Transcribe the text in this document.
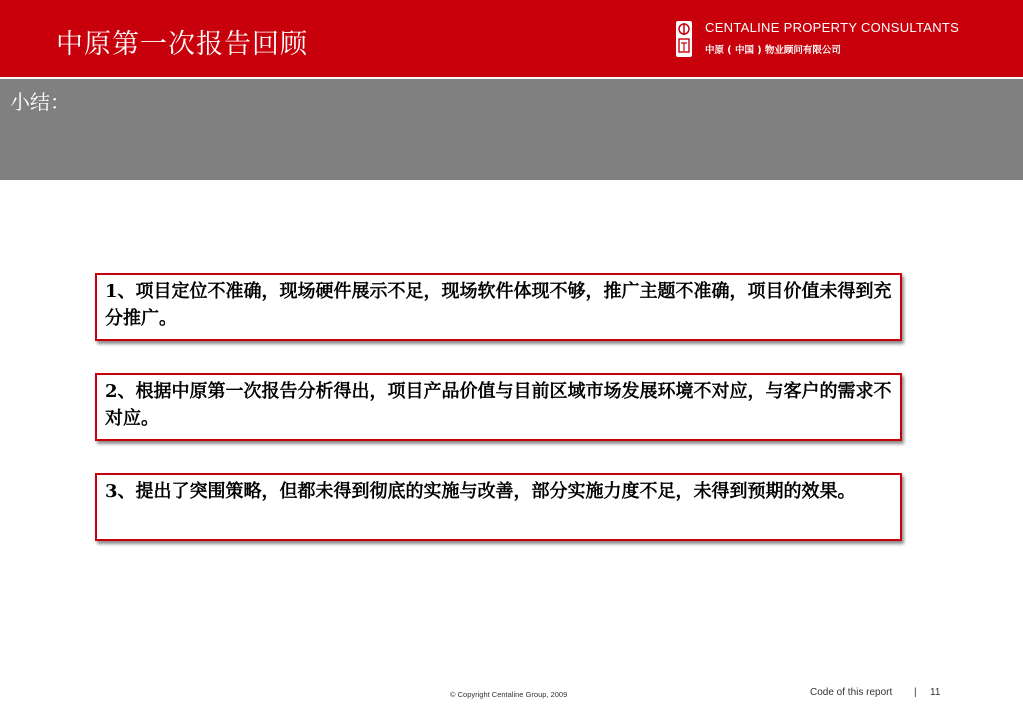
中原第一次报告回顾
CENTALINE PROPERTY CONSULTANTS
中原 ( 中国 ) 物业顾问有限公司
小结：
1、项目定位不准确，现场硬件展示不足，现场软件体现不够，推广主题不准确，项目价值未得到充分推广。
2、根据中原第一次报告分析得出，项目产品价值与目前区域市场发展环境不对应，与客户的需求不对应。
3、提出了突围策略，但都未得到彻底的实施与改善，部分实施力度不足，未得到预期的效果。
© Copyright Centaline Group, 2009	Code of this report | 11
